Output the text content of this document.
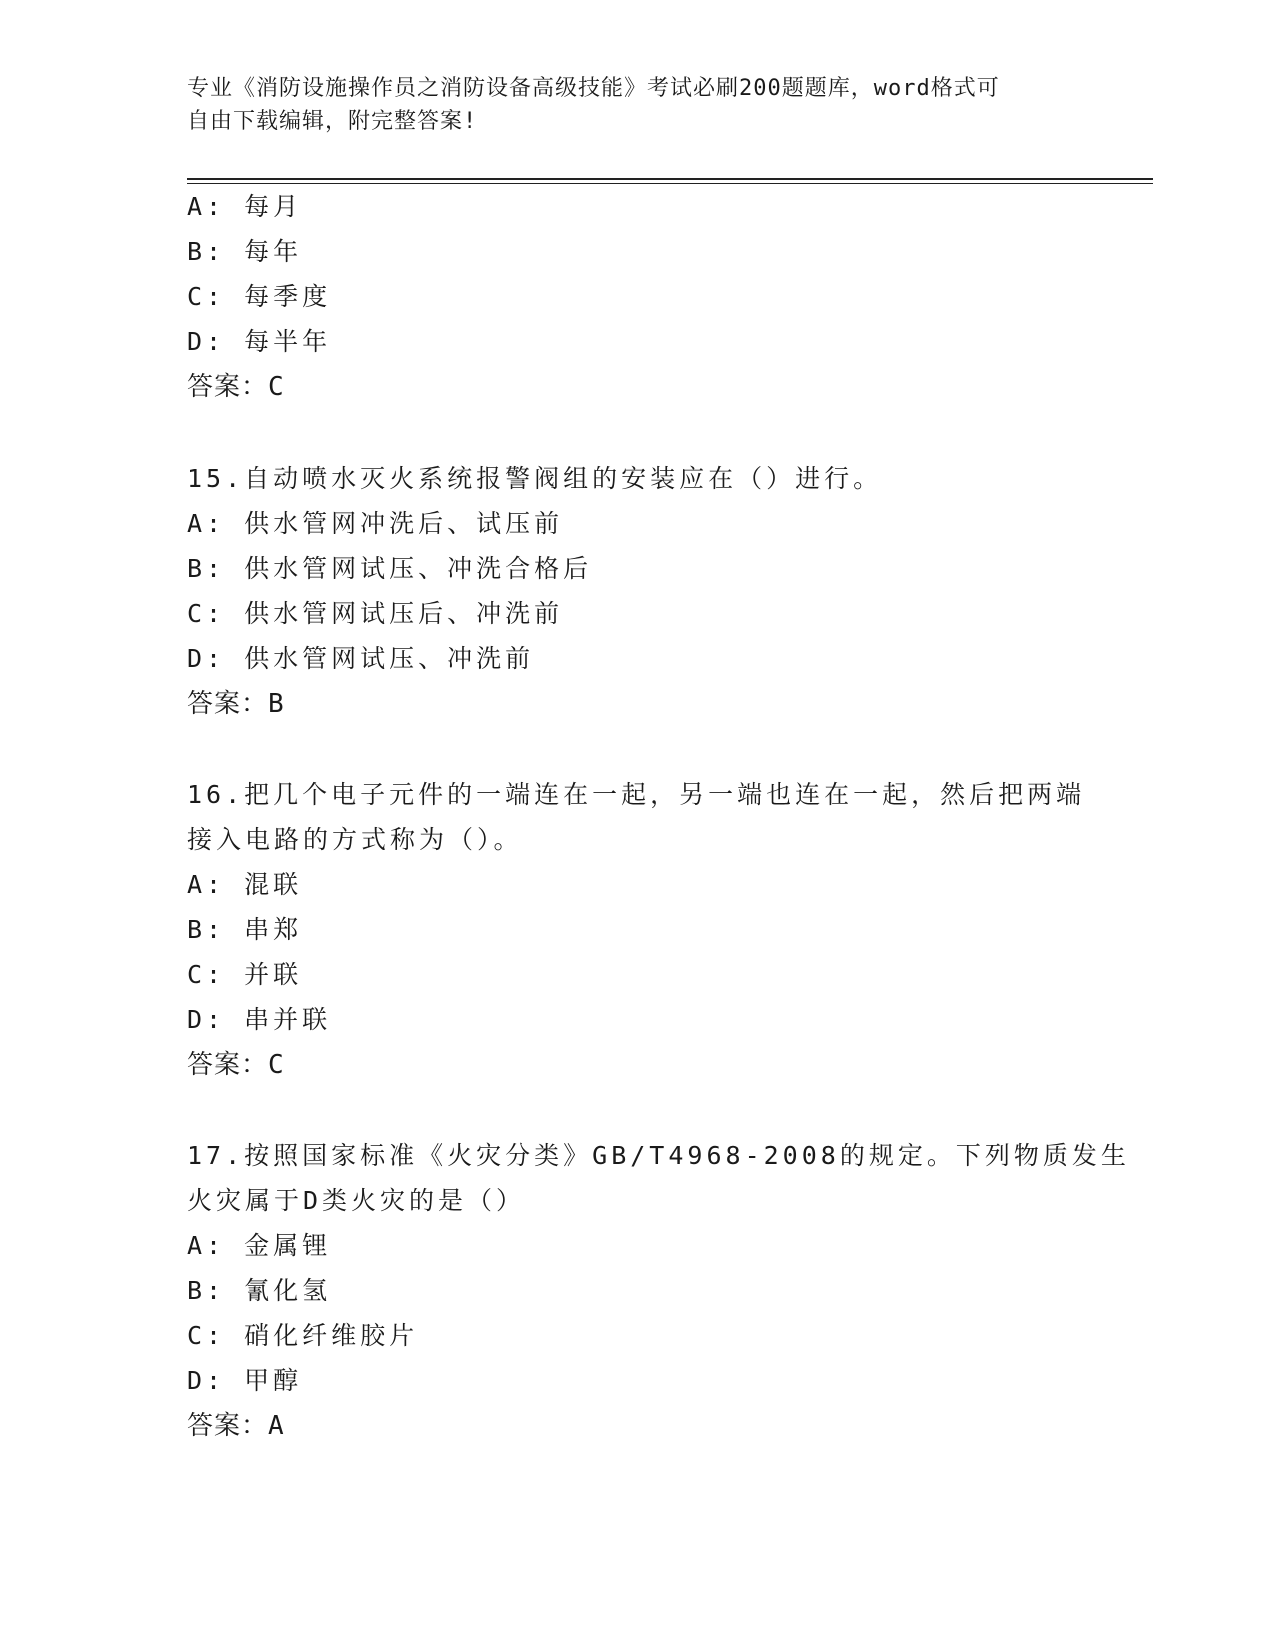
专业《消防设施操作员之消防设备高级技能》考试必刷200题题库，word格式可
自由下载编辑，附完整答案!
A: 每月
B: 每年
C: 每季度
D: 每半年
答案：C
15.自动喷水灭火系统报警阀组的安装应在（）进行。
A: 供水管网冲洗后、试压前
B: 供水管网试压、冲洗合格后
C: 供水管网试压后、冲洗前
D: 供水管网试压、冲洗前
答案：B
16.把几个电子元件的一端连在一起，另一端也连在一起，然后把两端
接入电路的方式称为（）。
A: 混联
B: 串郑
C: 并联
D: 串并联
答案：C
17.按照国家标准《火灾分类》GB/T4968-2008的规定。下列物质发生
火灾属于D类火灾的是（）
A: 金属锂
B: 氰化氢
C: 硝化纤维胶片
D: 甲醇
答案：A
